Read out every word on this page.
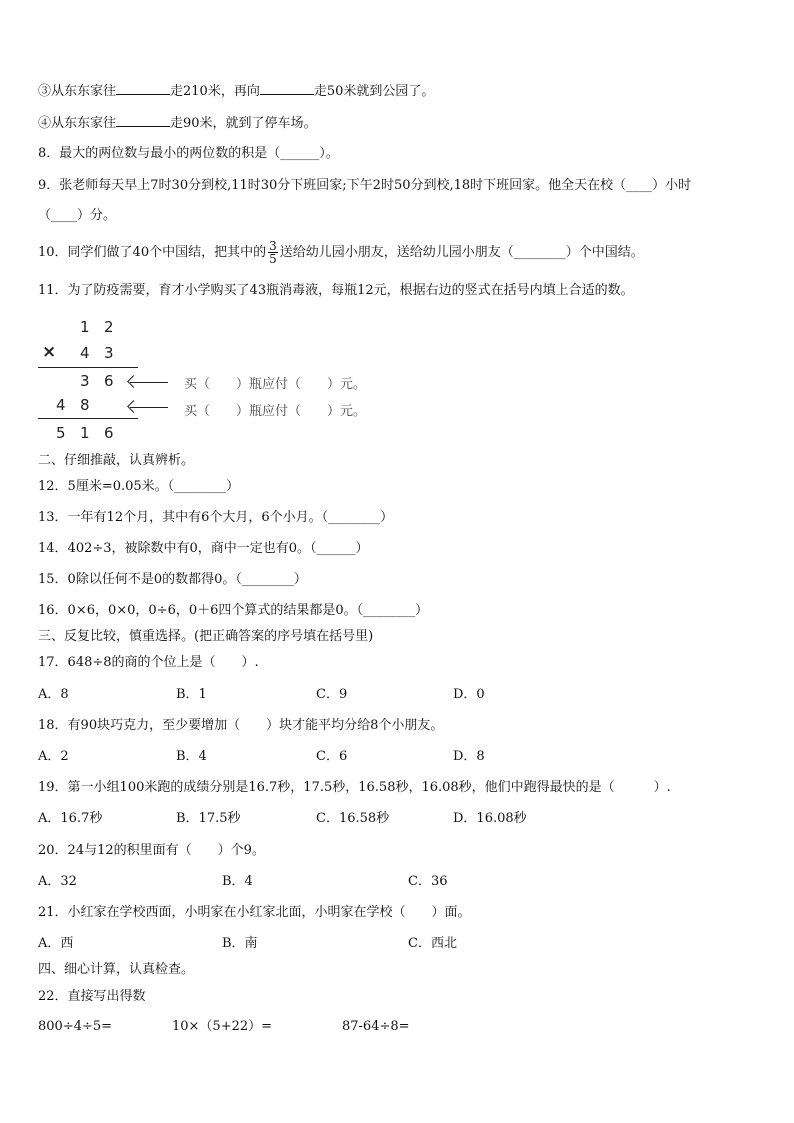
③从东东家往	走210米，再向	走50米就到公园了。
④从东东家往	走90米，就到了停车场。
8．最大的两位数与最小的两位数的积是（______）。
9．张老师每天早上7时30分到校,11时30分下班回家;下午2时50分到校,18时下班回家。他全天在校（____）小时
（____）分。
10．同学们做了40个中国结，把其中的 $\frac{3}{5}$ 送给幼儿园小朋友，送给幼儿园小朋友（________）个中国结。
11．为了防疫需要，育才小学购买了43瓶消毒液，每瓶12元，根据右边的竖式在括号内填上合适的数。
1 2
× 4 3
3 6	买（　　）瓶应付（　　）元。
4 8	买（　　）瓶应付（　　）元。
5 1 6
二、仔细推敲，认真辨析。
12．5厘米=0.05米。（________）
13．一年有12个月，其中有6个大月，6个小月。（________）
14．402÷3，被除数中有0，商中一定也有0。（______）
15．0除以任何不是0的数都得0。（________）
16．0×6，0×0，0÷6，0＋6四个算式的结果都是0。（________）
三、反复比较，慎重选择。(把正确答案的序号填在括号里)
17．648÷8的商的个位上是（　　）.
A．8	B．1	C．9	D．0
18．有90块巧克力，至少要增加（　　）块才能平均分给8个小朋友。
A．2	B．4	C．6	D．8
19．第一小组100米跑的成绩分别是16.7秒，17.5秒，16.58秒，16.08秒，他们中跑得最快的是（　　　）.
A．16.7秒	B．17.5秒	C．16.58秒	D．16.08秒
20．24与12的积里面有（　　）个9。
A．32	B．4	C．36
21．小红家在学校西面，小明家在小红家北面，小明家在学校（　　）面。
A．西	B．南	C．西北
四、细心计算，认真检查。
22．直接写出得数
800÷4÷5=	10×（5+22）=	87-64÷8=
